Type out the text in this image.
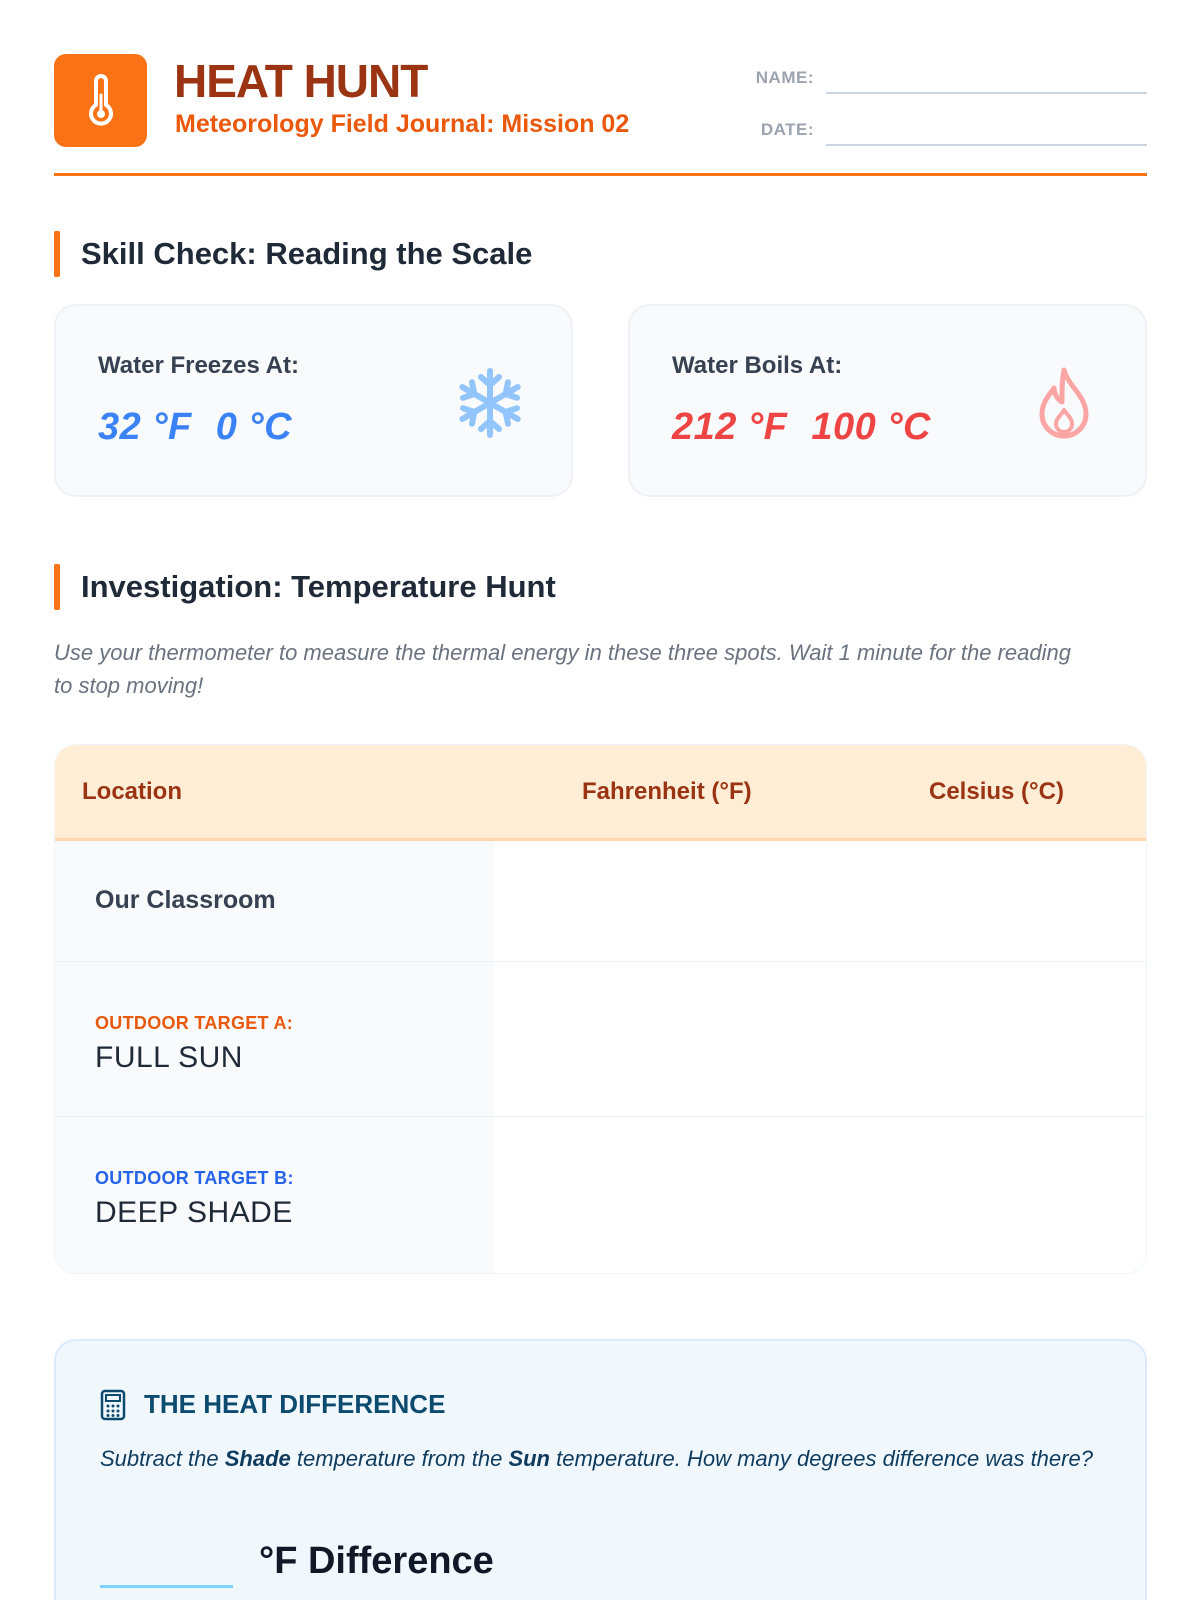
HEAT HUNT
Meteorology Field Journal: Mission 02
NAME:
DATE:
Skill Check: Reading the Scale
Water Freezes At:
32 °F 0 °C
Water Boils At:
212 °F 100 °C
Investigation: Temperature Hunt
Use your thermometer to measure the thermal energy in these three spots. Wait 1 minute for the reading to stop moving!
Location	Fahrenheit (°F)	Celsius (°C)
Our Classroom
OUTDOOR TARGET A:
FULL SUN
OUTDOOR TARGET B:
DEEP SHADE
THE HEAT DIFFERENCE
Subtract the Shade temperature from the Sun temperature. How many degrees difference was there?
°F Difference
